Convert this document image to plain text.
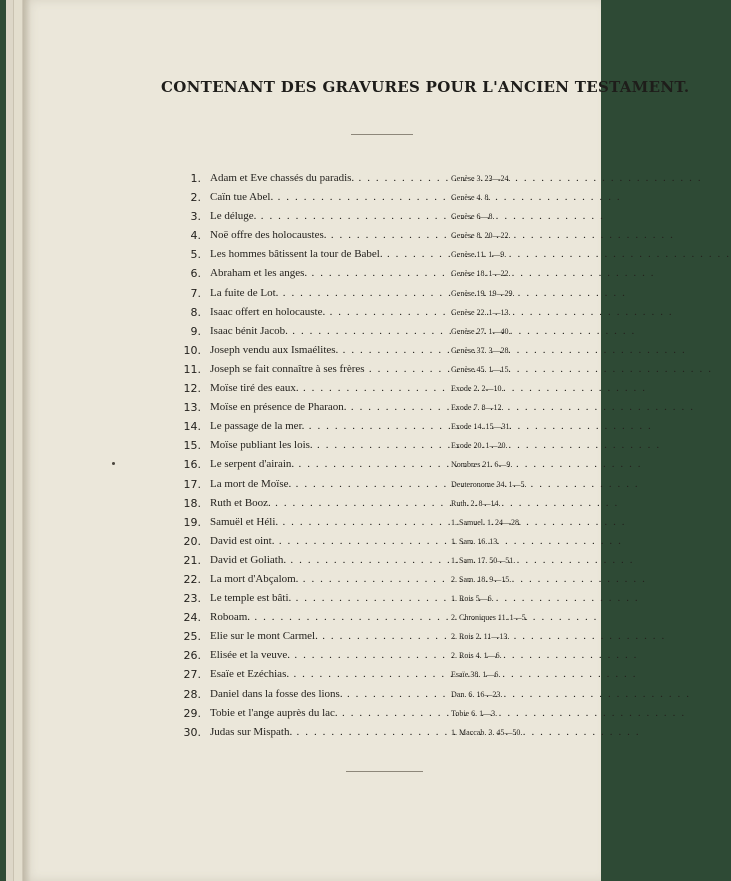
CONTENANT DES GRAVURES POUR L'ANCIEN TESTAMENT.
1. Adam et Eve chassés du paradis. . . .	Genèse 3. 23—24.
2. Caïn tue Abel. . . .	Genèse 4. 8.
3. Le déluge. . . .	Genèse 6—8.
4. Noë offre des holocaustes. . . .	Genèse 8. 20—22.
5. Les hommes bâtissent la tour de Babel. . . .	Genèse 11. 1—9.
6. Abraham et les anges. . . .	Genèse 18. 1—22.
7. La fuite de Lot. . . .	Genèse 19. 19—29.
8. Isaac offert en holocauste. . . .	Genèse 22. 1—13.
9. Isaac bénit Jacob. . . .	Genèse 27. 1—40.
10. Joseph vendu aux Ismaélites. . . .	Genèse 37. 3—28.
11. Joseph se fait connaître à ses frères . . .	Genèse 45. 1—15.
12. Moïse tiré des eaux. . . .	Exode 2. 2—10.
13. Moïse en présence de Pharaon. . . .	Exode 7. 8—12.
14. Le passage de la mer. . . .	Exode 14. 15—31.
15. Moïse publiant les lois. . . .	Exode 20. 1—20.
16. Le serpent d'airain. . . .	Nombres 21. 6—9.
17. La mort de Moïse. . . .	Deuteronome 34. 1—5.
18. Ruth et Booz. . . .	Ruth. 2. 8—14.
19. Samuël et Héli. . . .	1. Samuel. 1. 24—28.
20. David est oint. . . .	1. Sam. 16. 13.
21. David et Goliath. . . .	1. Sam. 17. 50—51.
22. La mort d'Abçalom. . . .	2. Sam. 18. 9—15.
23. Le temple est bâti. . . .	1. Rois 5—6.
24. Roboam. . . .	2. Chroniques 11. 1—5.
25. Elie sur le mont Carmel. . . .	2. Rois 2. 11—13.
26. Elisée et la veuve. . . .	2. Rois 4. 1—6.
27. Esaïe et Ezéchias. . . .	Esaïe 38. 1—6.
28. Daniel dans la fosse des lions. . . .	Dan. 6. 16—23.
29. Tobie et l'ange auprès du lac. . . .	Tobie 6. 1—3.
30. Judas sur Mispath. . . .	1. Maccab. 3. 45—50.
